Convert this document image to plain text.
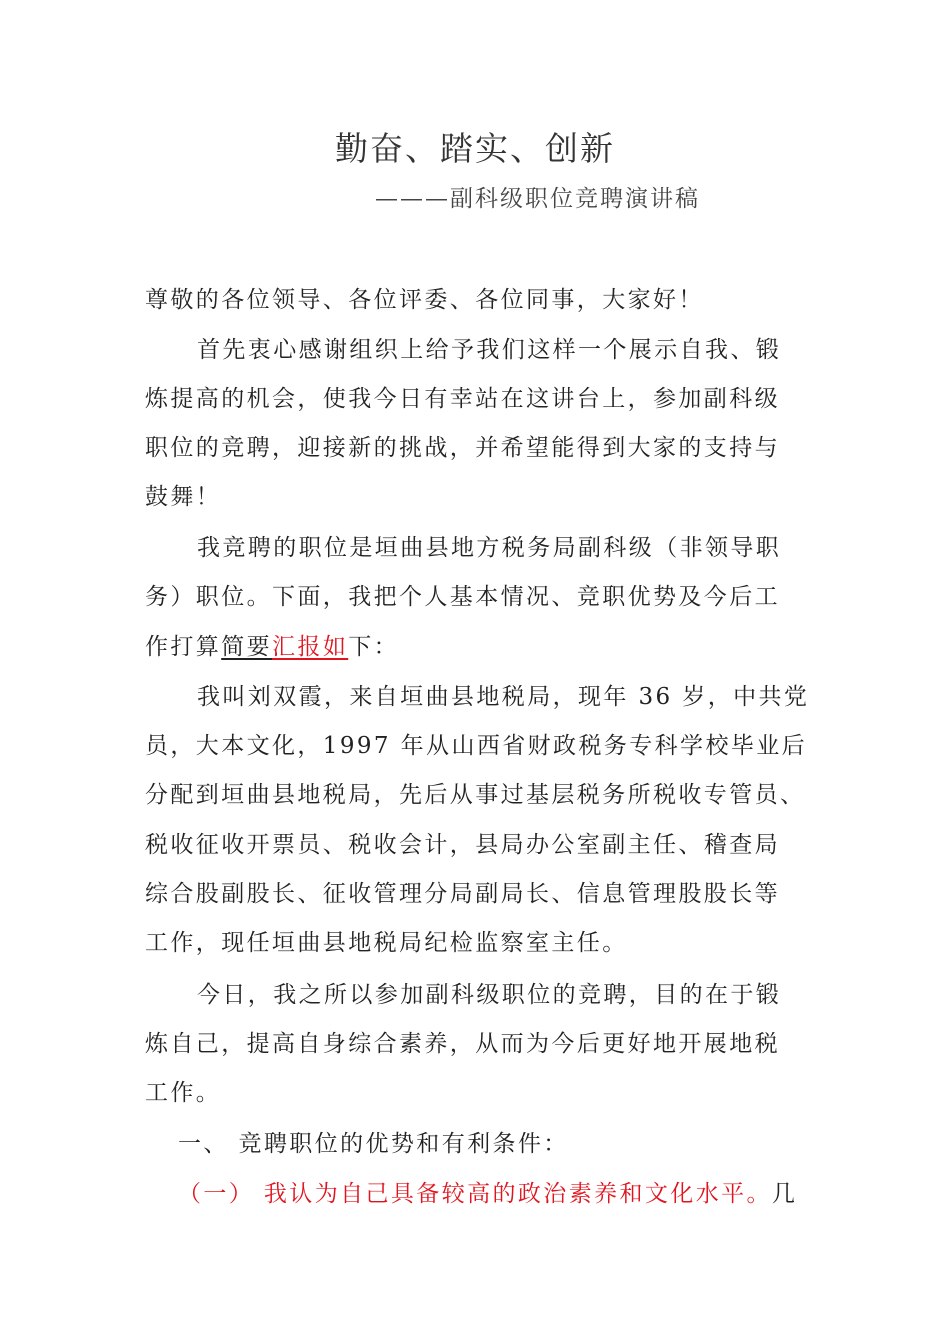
勤奋、踏实、创新
———副科级职位竞聘演讲稿
尊敬的各位领导、各位评委、各位同事，大家好！
首先衷心感谢组织上给予我们这样一个展示自我、锻
炼提高的机会，使我今日有幸站在这讲台上，参加副科级
职位的竞聘，迎接新的挑战，并希望能得到大家的支持与
鼓舞！
我竞聘的职位是垣曲县地方税务局副科级（非领导职
务）职位。下面，我把个人基本情况、竞职优势及今后工
作打算简要汇报如下：
我叫刘双霞，来自垣曲县地税局，现年 36 岁，中共党
员，大本文化，1997 年从山西省财政税务专科学校毕业后
分配到垣曲县地税局，先后从事过基层税务所税收专管员、
税收征收开票员、税收会计，县局办公室副主任、稽查局
综合股副股长、征收管理分局副局长、信息管理股股长等
工作，现任垣曲县地税局纪检监察室主任。
今日，我之所以参加副科级职位的竞聘，目的在于锻
炼自己，提高自身综合素养，从而为今后更好地开展地税
工作。
一、 竞聘职位的优势和有利条件：
（一） 我认为自己具备较高的政治素养和文化水平。几
